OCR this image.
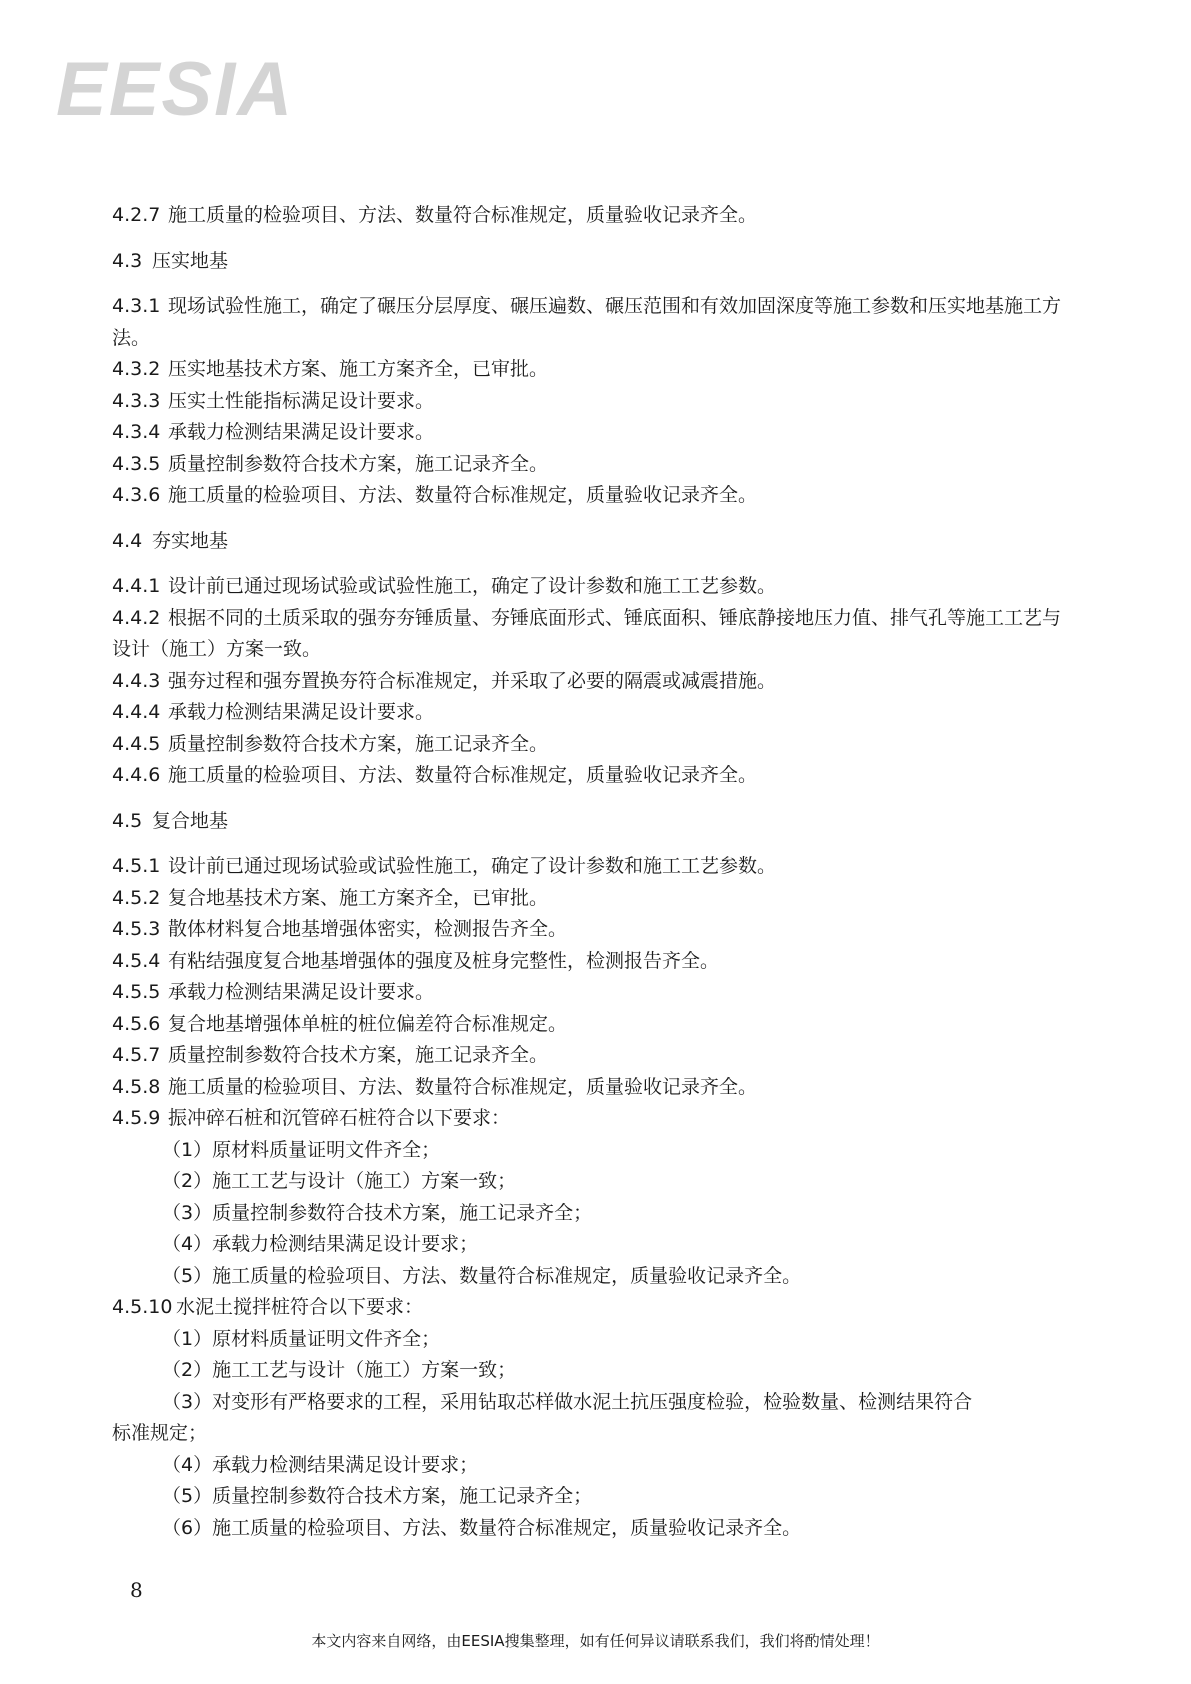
EESIA
4.2.7 施工质量的检验项目、方法、数量符合标准规定，质量验收记录齐全。
4.3 压实地基
4.3.1 现场试验性施工，确定了碾压分层厚度、碾压遍数、碾压范围和有效加固深度等施工参数和压实地基施工方法。
4.3.2 压实地基技术方案、施工方案齐全，已审批。
4.3.3 压实土性能指标满足设计要求。
4.3.4 承载力检测结果满足设计要求。
4.3.5 质量控制参数符合技术方案，施工记录齐全。
4.3.6 施工质量的检验项目、方法、数量符合标准规定，质量验收记录齐全。
4.4 夯实地基
4.4.1 设计前已通过现场试验或试验性施工，确定了设计参数和施工工艺参数。
4.4.2 根据不同的土质采取的强夯夯锤质量、夯锤底面形式、锤底面积、锤底静接地压力值、排气孔等施工工艺与设计（施工）方案一致。
4.4.3 强夯过程和强夯置换夯符合标准规定，并采取了必要的隔震或减震措施。
4.4.4 承载力检测结果满足设计要求。
4.4.5 质量控制参数符合技术方案，施工记录齐全。
4.4.6 施工质量的检验项目、方法、数量符合标准规定，质量验收记录齐全。
4.5 复合地基
4.5.1 设计前已通过现场试验或试验性施工，确定了设计参数和施工工艺参数。
4.5.2 复合地基技术方案、施工方案齐全，已审批。
4.5.3 散体材料复合地基增强体密实，检测报告齐全。
4.5.4 有粘结强度复合地基增强体的强度及桩身完整性，检测报告齐全。
4.5.5 承载力检测结果满足设计要求。
4.5.6 复合地基增强体单桩的桩位偏差符合标准规定。
4.5.7 质量控制参数符合技术方案，施工记录齐全。
4.5.8 施工质量的检验项目、方法、数量符合标准规定，质量验收记录齐全。
4.5.9 振冲碎石桩和沉管碎石桩符合以下要求：
（1）原材料质量证明文件齐全；
（2）施工工艺与设计（施工）方案一致；
（3）质量控制参数符合技术方案，施工记录齐全；
（4）承载力检测结果满足设计要求；
（5）施工质量的检验项目、方法、数量符合标准规定，质量验收记录齐全。
4.5.10 水泥土搅拌桩符合以下要求：
（1）原材料质量证明文件齐全；
（2）施工工艺与设计（施工）方案一致；
（3）对变形有严格要求的工程，采用钻取芯样做水泥土抗压强度检验，检验数量、检测结果符合
标准规定；
（4）承载力检测结果满足设计要求；
（5）质量控制参数符合技术方案，施工记录齐全；
（6）施工质量的检验项目、方法、数量符合标准规定，质量验收记录齐全。
8
本文内容来自网络，由EESIA搜集整理，如有任何异议请联系我们，我们将酌情处理！
